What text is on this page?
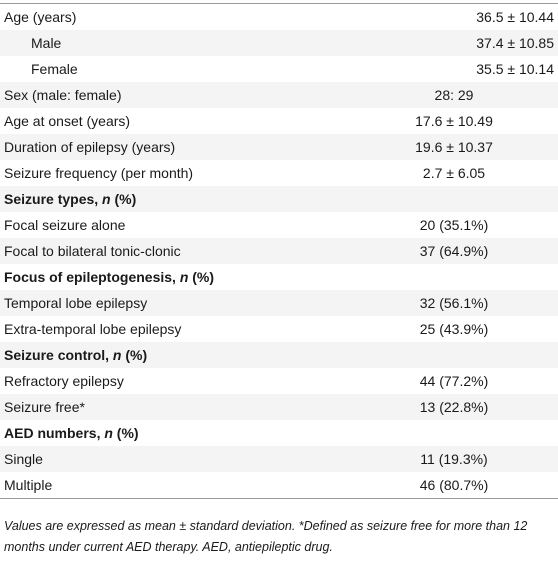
Age (years)	36.5 ± 10.44
Male	37.4 ± 10.85
Female	35.5 ± 10.14
Sex (male: female)	28: 29
Age at onset (years)	17.6 ± 10.49
Duration of epilepsy (years)	19.6 ± 10.37
Seizure frequency (per month)	2.7 ± 6.05
Seizure types, n (%)
Focal seizure alone	20 (35.1%)
Focal to bilateral tonic-clonic	37 (64.9%)
Focus of epileptogenesis, n (%)
Temporal lobe epilepsy	32 (56.1%)
Extra-temporal lobe epilepsy	25 (43.9%)
Seizure control, n (%)
Refractory epilepsy	44 (77.2%)
Seizure free*	13 (22.8%)
AED numbers, n (%)
Single	11 (19.3%)
Multiple	46 (80.7%)
Values are expressed as mean ± standard deviation. *Defined as seizure free for more than 12 months under current AED therapy. AED, antiepileptic drug.
